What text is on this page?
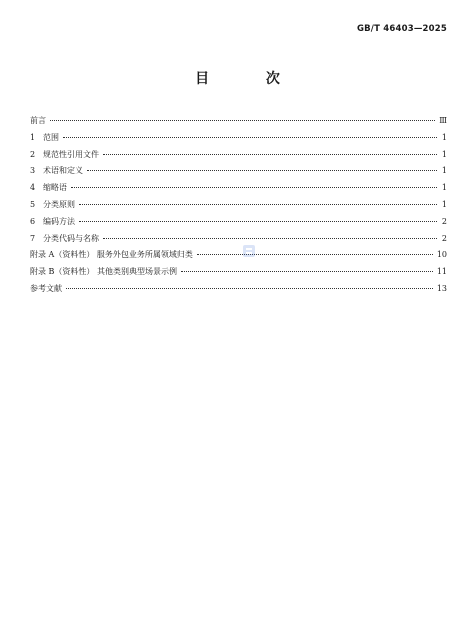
GB/T 46403—2025
目 次
前言	Ⅲ
1 范围	1
2 规范性引用文件	1
3 术语和定义	1
4 缩略语	1
5 分类原则	1
6 编码方法	2
7 分类代码与名称	2
附录 A（资料性） 服务外包业务所属领域归类	10
附录 B（资料性） 其他类别典型场景示例	11
参考文献	13
